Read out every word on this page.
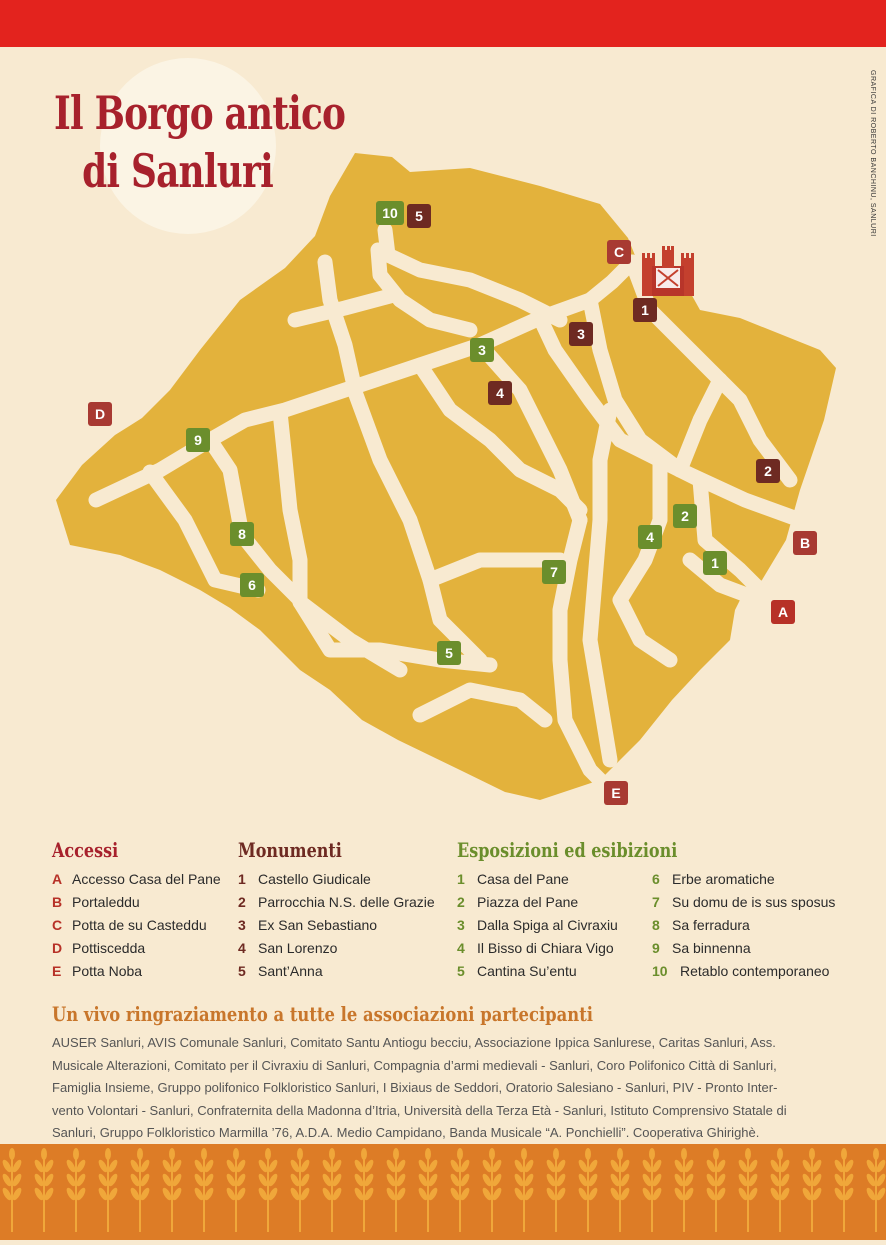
GRAFICA DI ROBERTO BANCHINU, SANLURI
Il Borgo antico
di Sanluri
D
C
B
A
E
1
2
3
4
5
1
2
3
4
5
6
7
8
9
10
Accessi
A Accesso Casa del Pane
B Portaleddu
C Potta de su Casteddu
D Pottiscedda
E Potta Noba
Monumenti
1 Castello Giudicale
2 Parrocchia N.S. delle Grazie
3 Ex San Sebastiano
4 San Lorenzo
5 Sant’Anna
Esposizioni ed esibizioni
1 Casa del Pane
2 Piazza del Pane
3 Dalla Spiga al Civraxiu
4 Il Bisso di Chiara Vigo
5 Cantina Su’entu
6 Erbe aromatiche
7 Su domu de is sus sposus
8 Sa ferradura
9 Sa binnenna
10 Retablo contemporaneo
Un vivo ringraziamento a tutte le associazioni partecipanti

AUSER Sanluri, AVIS Comunale Sanluri, Comitato Santu Antiogu becciu, Associazione Ippica Sanlurese, Caritas Sanluri, Ass.
Musicale Alterazioni, Comitato per il Civraxiu di Sanluri, Compagnia d’armi medievali - Sanluri, Coro Polifonico Città di Sanluri,
Famiglia Insieme, Gruppo polifonico Folkloristico Sanluri, I Bixiaus de Seddori, Oratorio Salesiano - Sanluri, PIV - Pronto Inter-
vento Volontari - Sanluri, Confraternita della Madonna d’Itria, Università della Terza Età - Sanluri, Istituto Comprensivo Statale di
Sanluri, Gruppo Folkloristico Marmilla ’76, A.D.A. Medio Campidano, Banda Musicale “A. Ponchielli”. Cooperativa Ghirighè.
